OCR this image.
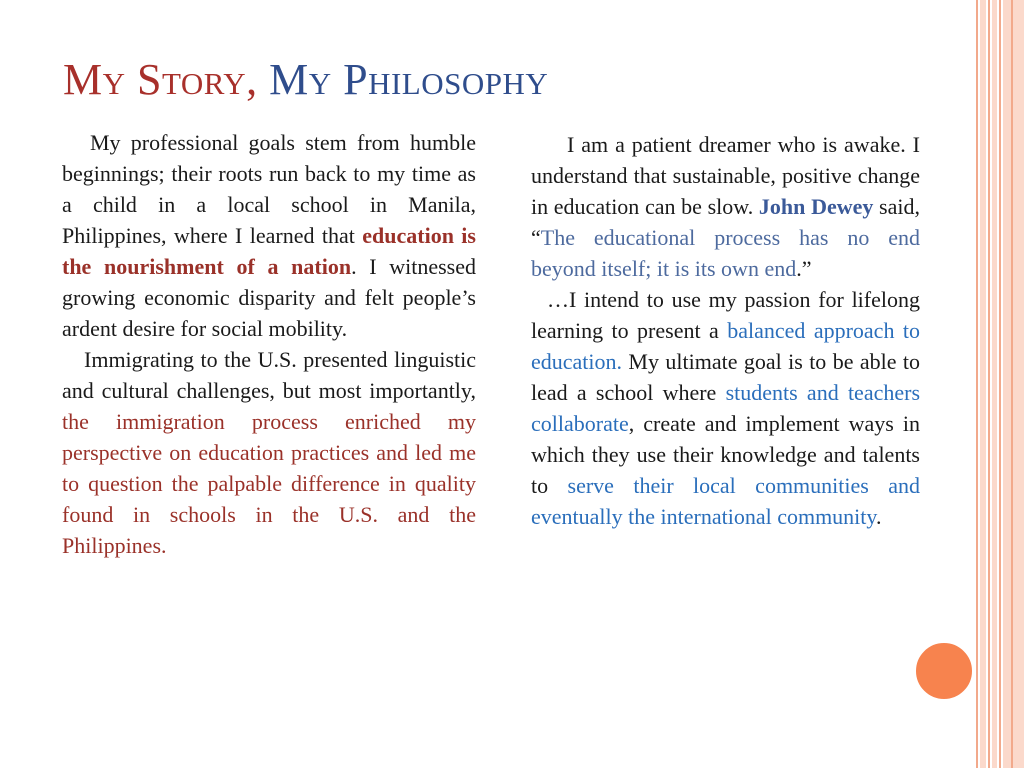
My Story, My Philosophy

My professional goals stem from humble beginnings; their roots run back to my time as a child in a local school in Manila, Philippines, where I learned that education is the nourishment of a nation. I witnessed growing economic disparity and felt people’s ardent desire for social mobility.

Immigrating to the U.S. presented linguistic and cultural challenges, but most importantly, the immigration process enriched my perspective on education practices and led me to question the palpable difference in quality found in schools in the U.S. and the Philippines.

I am a patient dreamer who is awake. I understand that sustainable, positive change in education can be slow. John Dewey said, “The educational process has no end beyond itself; it is its own end.”

…I intend to use my passion for lifelong learning to present a balanced approach to education. My ultimate goal is to be able to lead a school where students and teachers collaborate, create and implement ways in which they use their knowledge and talents to serve their local communities and eventually the international community.
